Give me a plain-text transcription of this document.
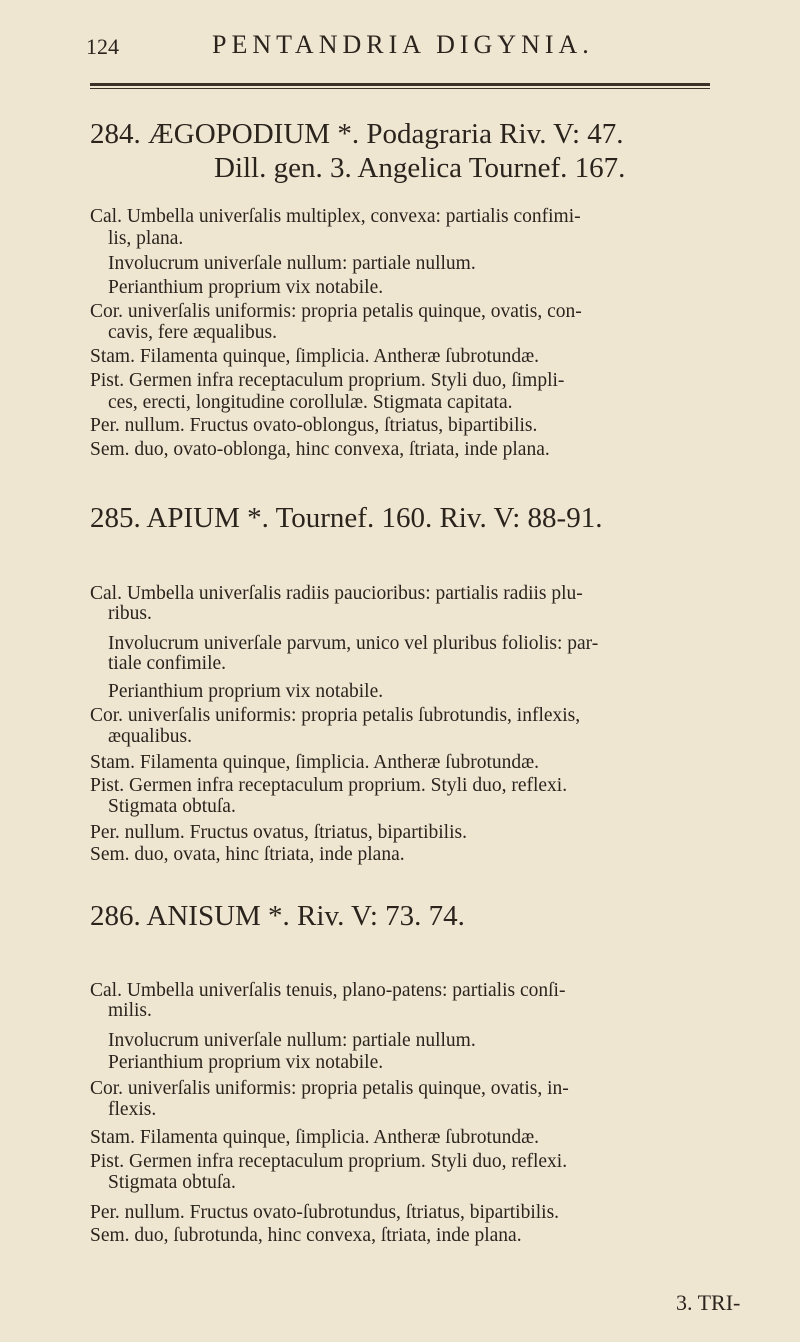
124	PENTANDRIA DIGYNIA.
284. ÆGOPODIUM *. Podagraria Riv. V: 47.
Dill. gen. 3. Angelica Tournef. 167.
Cal. Umbella univerſalis multiplex, convexa: partialis confimi-
lis, plana.
Involucrum univerſale nullum: partiale nullum.
Perianthium proprium vix notabile.
Cor. univerſalis uniformis: propria petalis quinque, ovatis, con-
cavis, fere æqualibus.
Stam. Filamenta quinque, ſimplicia. Antheræ ſubrotundæ.
Pist. Germen infra receptaculum proprium. Styli duo, ſimpli-
ces, erecti, longitudine corollulæ. Stigmata capitata.
Per. nullum. Fructus ovato-oblongus, ſtriatus, bipartibilis.
Sem. duo, ovato-oblonga, hinc convexa, ſtriata, inde plana.
285. APIUM *. Tournef. 160. Riv. V: 88-91.
Cal. Umbella univerſalis radiis paucioribus: partialis radiis plu-
ribus.
Involucrum univerſale parvum, unico vel pluribus foliolis: par-
tiale confimile.
Perianthium proprium vix notabile.
Cor. univerſalis uniformis: propria petalis ſubrotundis, inflexis,
æqualibus.
Stam. Filamenta quinque, ſimplicia. Antheræ ſubrotundæ.
Pist. Germen infra receptaculum proprium. Styli duo, reflexi.
Stigmata obtuſa.
Per. nullum. Fructus ovatus, ſtriatus, bipartibilis.
Sem. duo, ovata, hinc ſtriata, inde plana.
286. ANISUM *. Riv. V: 73. 74.
Cal. Umbella univerſalis tenuis, plano-patens: partialis conſi-
milis.
Involucrum univerſale nullum: partiale nullum.
Perianthium proprium vix notabile.
Cor. univerſalis uniformis: propria petalis quinque, ovatis, in-
flexis.
Stam. Filamenta quinque, ſimplicia. Antheræ ſubrotundæ.
Pist. Germen infra receptaculum proprium. Styli duo, reflexi.
Stigmata obtuſa.
Per. nullum. Fructus ovato-ſubrotundus, ſtriatus, bipartibilis.
Sem. duo, ſubrotunda, hinc convexa, ſtriata, inde plana.
3. TRI-
